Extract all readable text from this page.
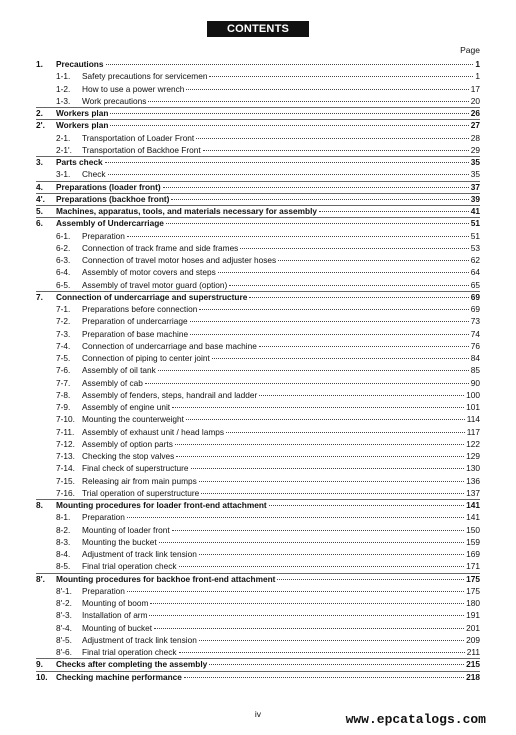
CONTENTS
Page
1.	Precautions	1
1-1.	Safety precautions for servicemen	1
1-2.	How to use a power wrench	17
1-3.	Work precautions	20
2.	Workers plan	26
2'.	Workers plan	27
2-1.	Transportation of Loader Front	28
2-1'.	Transportation of Backhoe Front	29
3.	Parts check	35
3-1.	Check	35
4.	Preparations (loader front)	37
4'.	Preparations (backhoe front)	39
5.	Machines, apparatus, tools, and materials necessary for assembly	41
6.	Assembly of Undercarriage	51
6-1.	Preparation	51
6-2.	Connection of track frame and side frames	53
6-3.	Connection of travel motor hoses and adjuster hoses	62
6-4.	Assembly of motor covers and steps	64
6-5.	Assembly of travel motor guard (option)	65
7.	Connection of undercarriage and superstructure	69
7-1.	Preparations before connection	69
7-2.	Preparation of undercarriage	73
7-3.	Preparation of base machine	74
7-4.	Connection of undercarriage and base machine	76
7-5.	Connection of piping to center joint	84
7-6.	Assembly of oil tank	85
7-7.	Assembly of cab	90
7-8.	Assembly of fenders, steps, handrail and ladder	100
7-9.	Assembly of engine unit	101
7-10. Mounting the counterweight	114
7-11. Assembly of exhaust unit / head lamps	117
7-12. Assembly of option parts	122
7-13. Checking the stop valves	129
7-14. Final check of superstructure	130
7-15. Releasing air from main pumps	136
7-16. Trial operation of superstructure	137
8.	Mounting procedures for loader front-end attachment	141
8-1.	Preparation	141
8-2.	Mounting of loader front	150
8-3.	Mounting the bucket	159
8-4.	Adjustment of track link tension	169
8-5.	Final trial operation check	171
8'.	Mounting procedures for backhoe front-end attachment	175
8'-1.	Preparation	175
8'-2.	Mounting of boom	180
8'-3.	Installation of arm	191
8'-4.	Mounting of bucket	201
8'-5.	Adjustment of track link tension	209
8'-6.	Final trial operation check	211
9.	Checks after completing the assembly	215
10.	Checking machine performance	218
iv	www.epcatalogs.com
